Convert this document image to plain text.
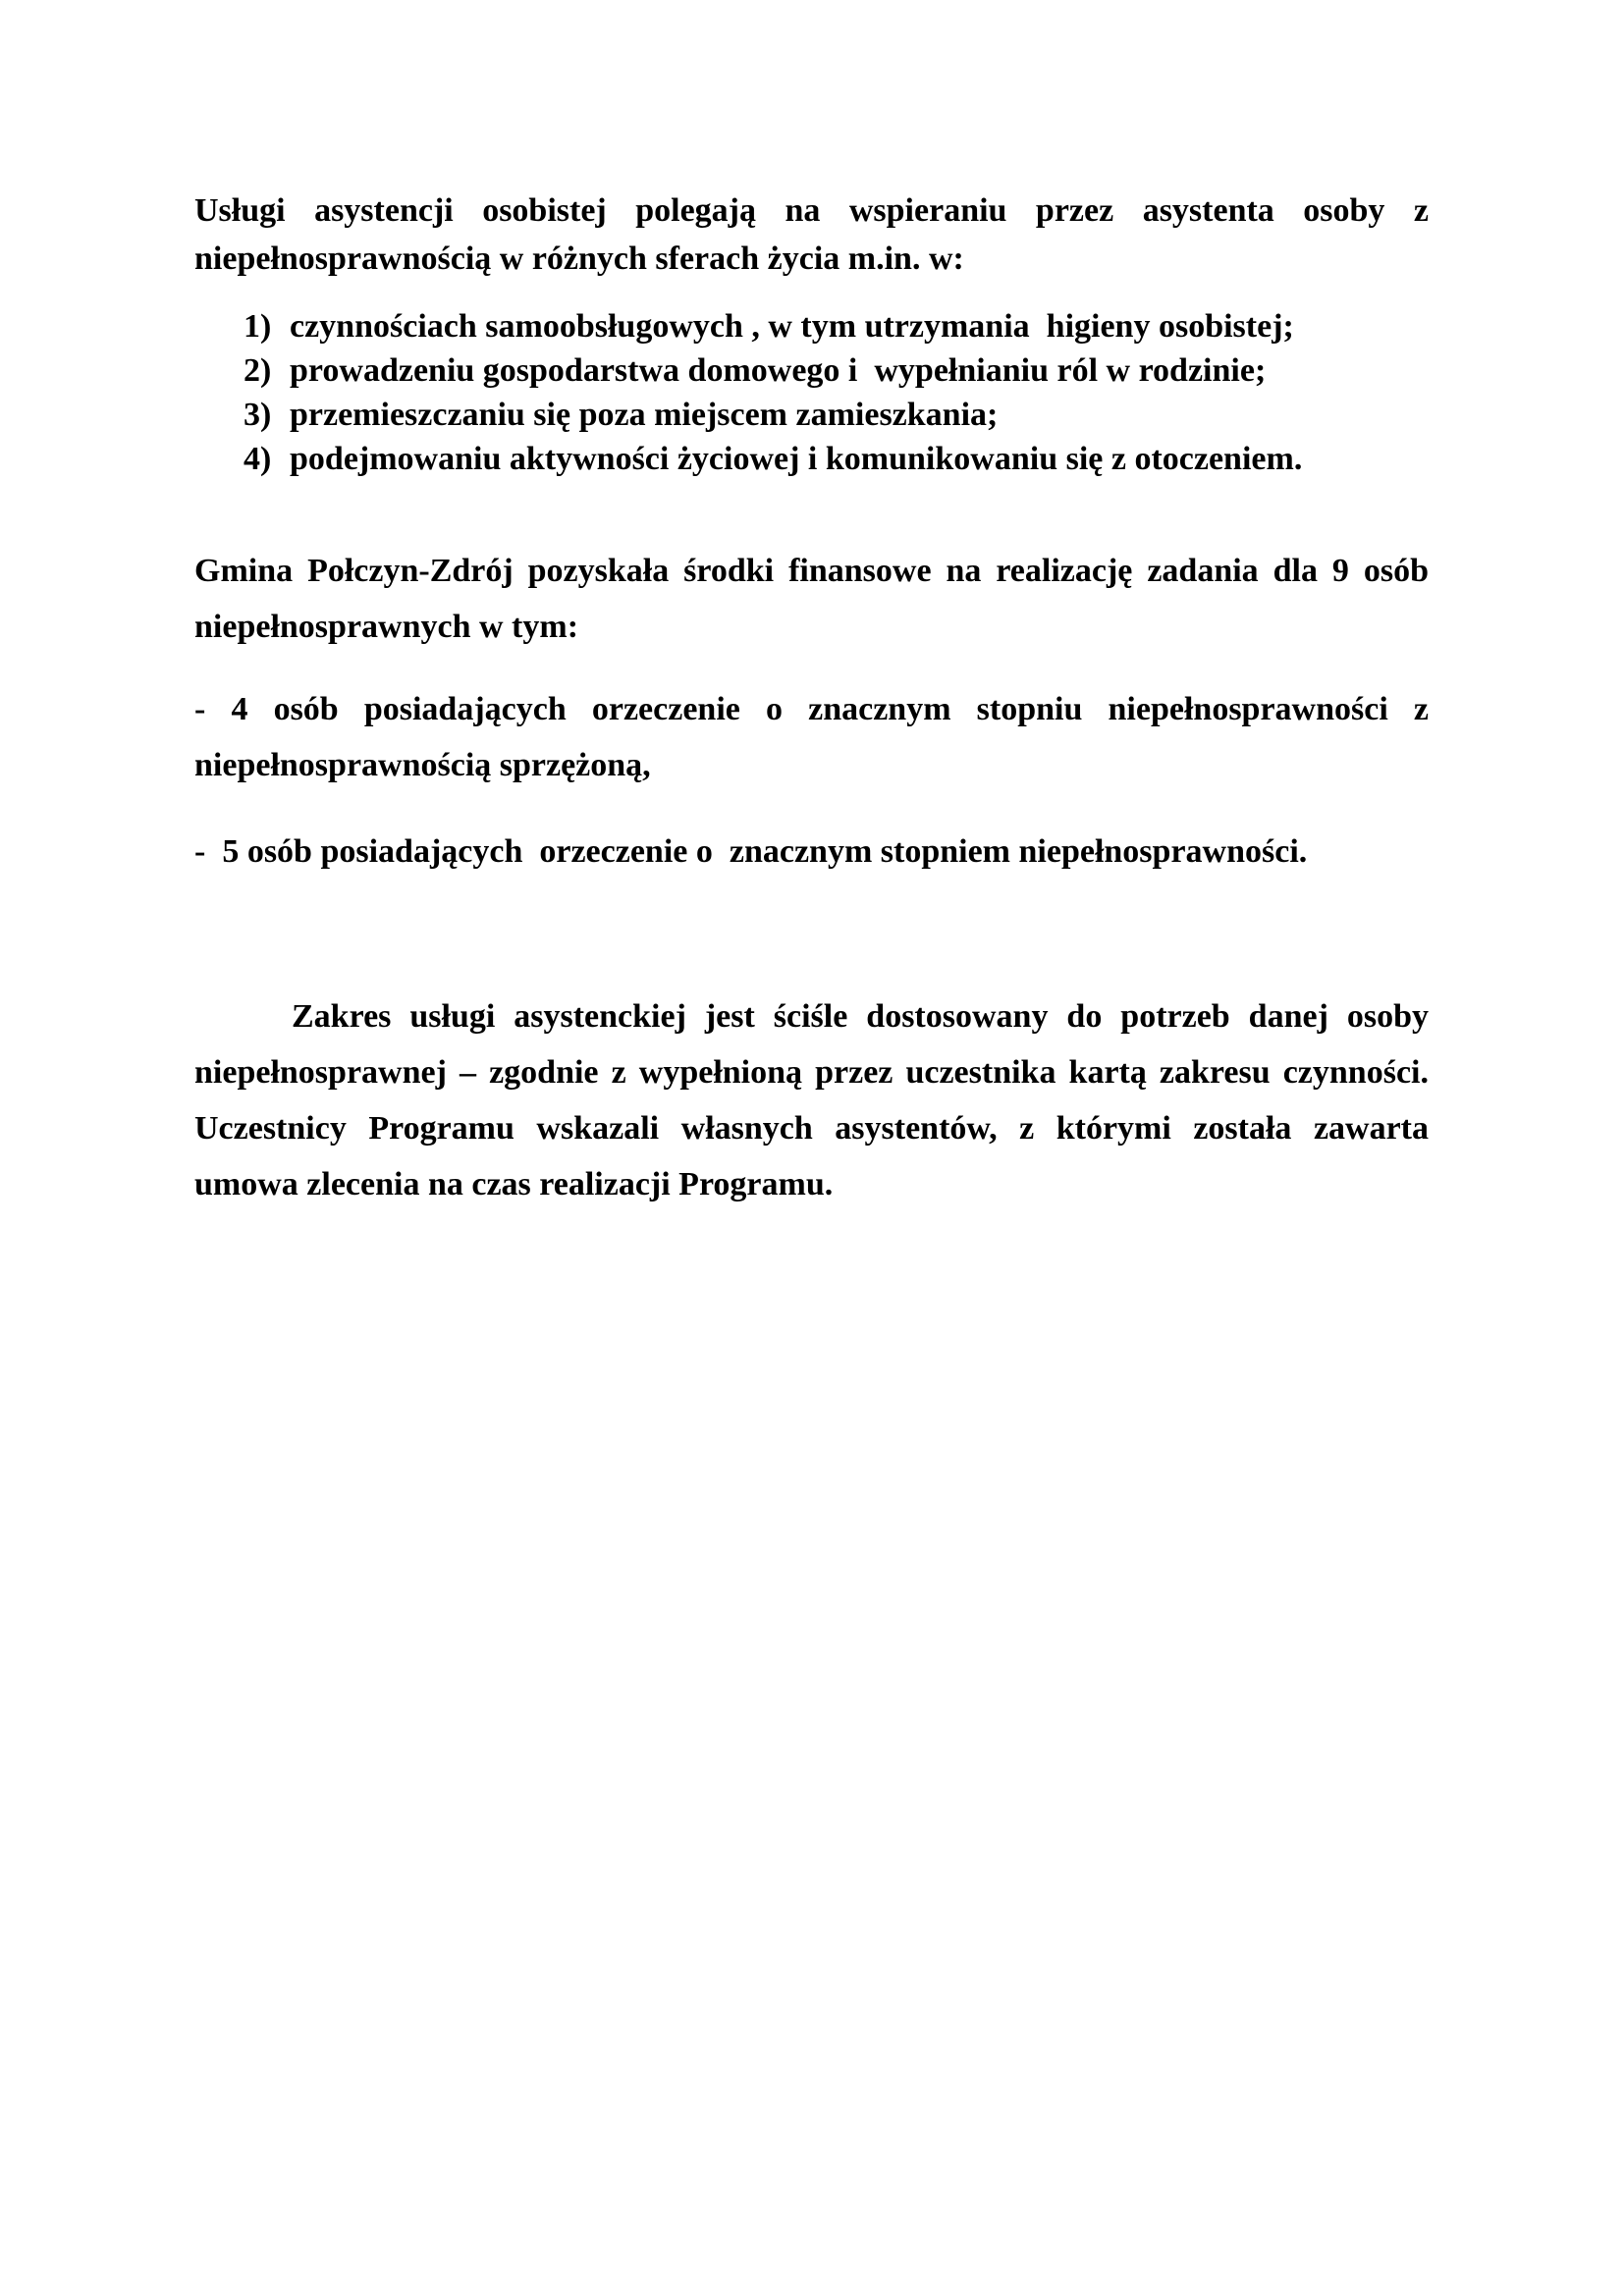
Usługi asystencji osobistej polegają na wspieraniu przez asystenta osoby z
niepełnosprawnością w różnych sferach życia m.in. w:
1) czynnościach samoobsługowych , w tym utrzymania  higieny osobistej;
2) prowadzeniu gospodarstwa domowego i  wypełnianiu ról w rodzinie;
3) przemieszczaniu się poza miejscem zamieszkania;
4) podejmowaniu aktywności życiowej i komunikowaniu się z otoczeniem.
Gmina Połczyn-Zdrój pozyskała środki finansowe na realizację zadania dla 9 osób
niepełnosprawnych w tym:
- 4 osób posiadających orzeczenie o znacznym stopniu niepełnosprawności z
niepełnosprawnością sprzężoną,
-  5 osób posiadających  orzeczenie o  znacznym stopniem niepełnosprawności.
Zakres usługi asystenckiej jest ściśle dostosowany do potrzeb danej osoby
niepełnosprawnej – zgodnie z wypełnioną przez uczestnika kartą zakresu czynności.
Uczestnicy Programu wskazali własnych asystentów, z którymi została zawarta
umowa zlecenia na czas realizacji Programu.
